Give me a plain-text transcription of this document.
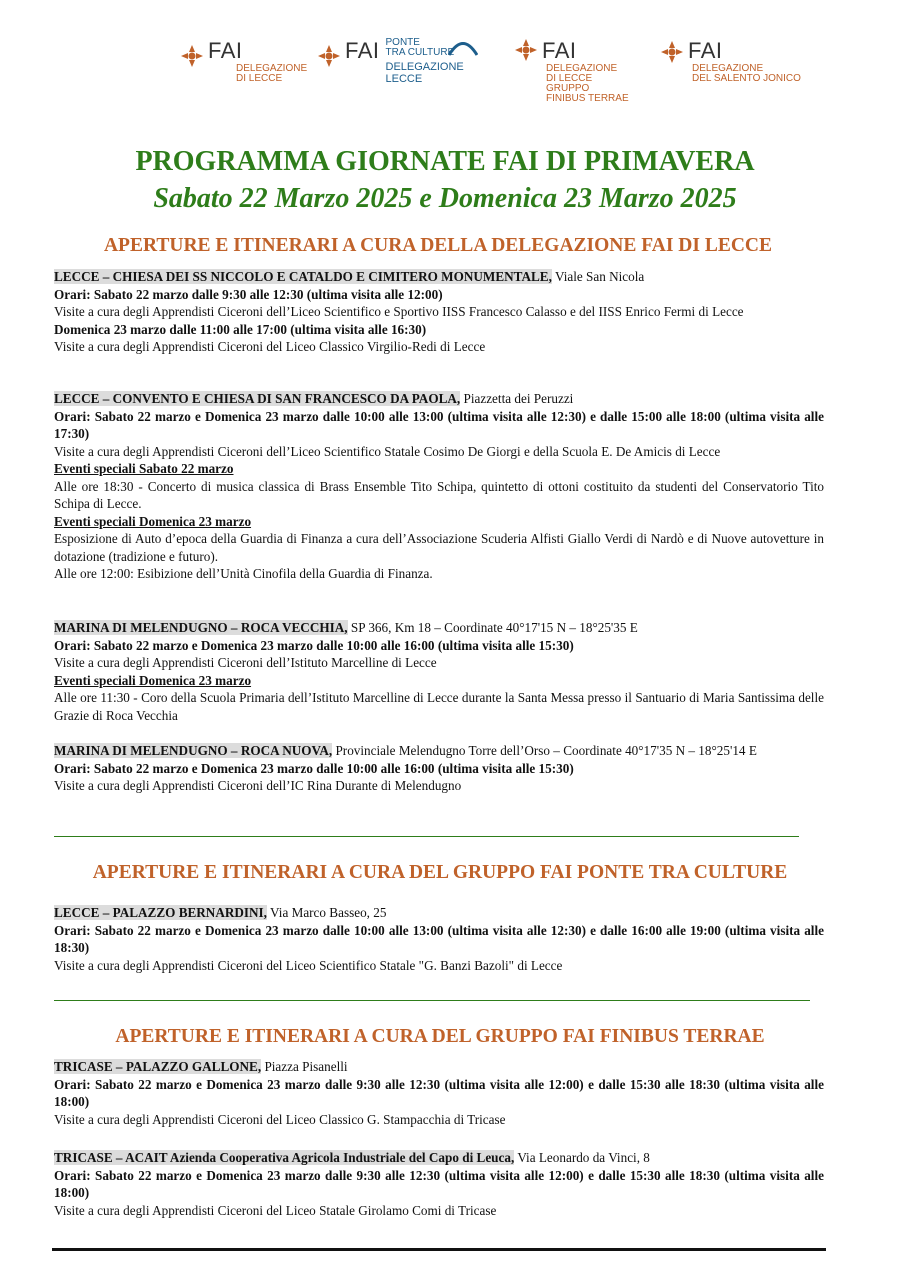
FAI
DELEGAZIONE
DI LECCE
FAI PONTE
TRA CULTURE
DELEGAZIONE
LECCE
FAI
DELEGAZIONE
DI LECCE
GRUPPO
FINIBUS TERRAE
FAI
DELEGAZIONE
DEL SALENTO JONICO
PROGRAMMA GIORNATE FAI DI PRIMAVERA
Sabato 22 Marzo 2025 e Domenica 23 Marzo 2025
APERTURE E ITINERARI A CURA DELLA DELEGAZIONE FAI DI LECCE

LECCE – CHIESA DEI SS NICCOLO E CATALDO E CIMITERO MONUMENTALE, Viale San Nicola

Orari: Sabato 22 marzo dalle 9:30 alle 12:30 (ultima visita alle 12:00)

Visite a cura degli Apprendisti Ciceroni dell’Liceo Scientifico e Sportivo IISS Francesco Calasso e del IISS Enrico Fermi di Lecce

Domenica 23 marzo dalle 11:00 alle 17:00 (ultima visita alle 16:30)

Visite a cura degli Apprendisti Ciceroni del Liceo Classico Virgilio-Redi di Lecce

LECCE – CONVENTO E CHIESA DI SAN FRANCESCO DA PAOLA, Piazzetta dei Peruzzi

Orari: Sabato 22 marzo e Domenica 23 marzo dalle 10:00 alle 13:00 (ultima visita alle 12:30) e dalle 15:00 alle 18:00 (ultima visita alle 17:30)

Visite a cura degli Apprendisti Ciceroni dell’Liceo Scientifico Statale Cosimo De Giorgi e della Scuola E. De Amicis di Lecce

Eventi speciali Sabato 22 marzo

Alle ore 18:30 - Concerto di musica classica di Brass Ensemble Tito Schipa, quintetto di ottoni costituito da studenti del Conservatorio Tito Schipa di Lecce.

Eventi speciali Domenica 23 marzo

Esposizione di Auto d’epoca della Guardia di Finanza a cura dell’Associazione Scuderia Alfisti Giallo Verdi di Nardò e di Nuove autovetture in dotazione (tradizione e futuro).

Alle ore 12:00: Esibizione dell’Unità Cinofila della Guardia di Finanza.

MARINA DI MELENDUGNO – ROCA VECCHIA, SP 366, Km 18 – Coordinate 40°17'15 N – 18°25'35 E

Orari: Sabato 22 marzo e Domenica 23 marzo dalle 10:00 alle 16:00 (ultima visita alle 15:30)

Visite a cura degli Apprendisti Ciceroni dell’Istituto Marcelline di Lecce

Eventi speciali Domenica 23 marzo

Alle ore 11:30 - Coro della Scuola Primaria dell’Istituto Marcelline di Lecce durante la Santa Messa presso il Santuario di Maria Santissima delle Grazie di Roca Vecchia

MARINA DI MELENDUGNO – ROCA NUOVA, Provinciale Melendugno Torre dell’Orso – Coordinate 40°17'35 N – 18°25'14 E

Orari: Sabato 22 marzo e Domenica 23 marzo dalle 10:00 alle 16:00 (ultima visita alle 15:30)

Visite a cura degli Apprendisti Ciceroni dell’IC Rina Durante di Melendugno

APERTURE E ITINERARI A CURA DEL GRUPPO FAI PONTE TRA CULTURE

LECCE – PALAZZO BERNARDINI, Via Marco Basseo, 25

Orari: Sabato 22 marzo e Domenica 23 marzo dalle 10:00 alle 13:00 (ultima visita alle 12:30) e dalle 16:00 alle 19:00 (ultima visita alle 18:30)

Visite a cura degli Apprendisti Ciceroni del Liceo Scientifico Statale "G. Banzi Bazoli" di Lecce

APERTURE E ITINERARI A CURA DEL GRUPPO FAI FINIBUS TERRAE

TRICASE – PALAZZO GALLONE, Piazza Pisanelli

Orari: Sabato 22 marzo e Domenica 23 marzo dalle 9:30 alle 12:30 (ultima visita alle 12:00) e dalle 15:30 alle 18:30 (ultima visita alle 18:00)

Visite a cura degli Apprendisti Ciceroni del Liceo Classico G. Stampacchia di Tricase

TRICASE – ACAIT Azienda Cooperativa Agricola Industriale del Capo di Leuca, Via Leonardo da Vinci, 8

Orari: Sabato 22 marzo e Domenica 23 marzo dalle 9:30 alle 12:30 (ultima visita alle 12:00) e dalle 15:30 alle 18:30 (ultima visita alle 18:00)

Visite a cura degli Apprendisti Ciceroni del Liceo Statale Girolamo Comi di Tricase
